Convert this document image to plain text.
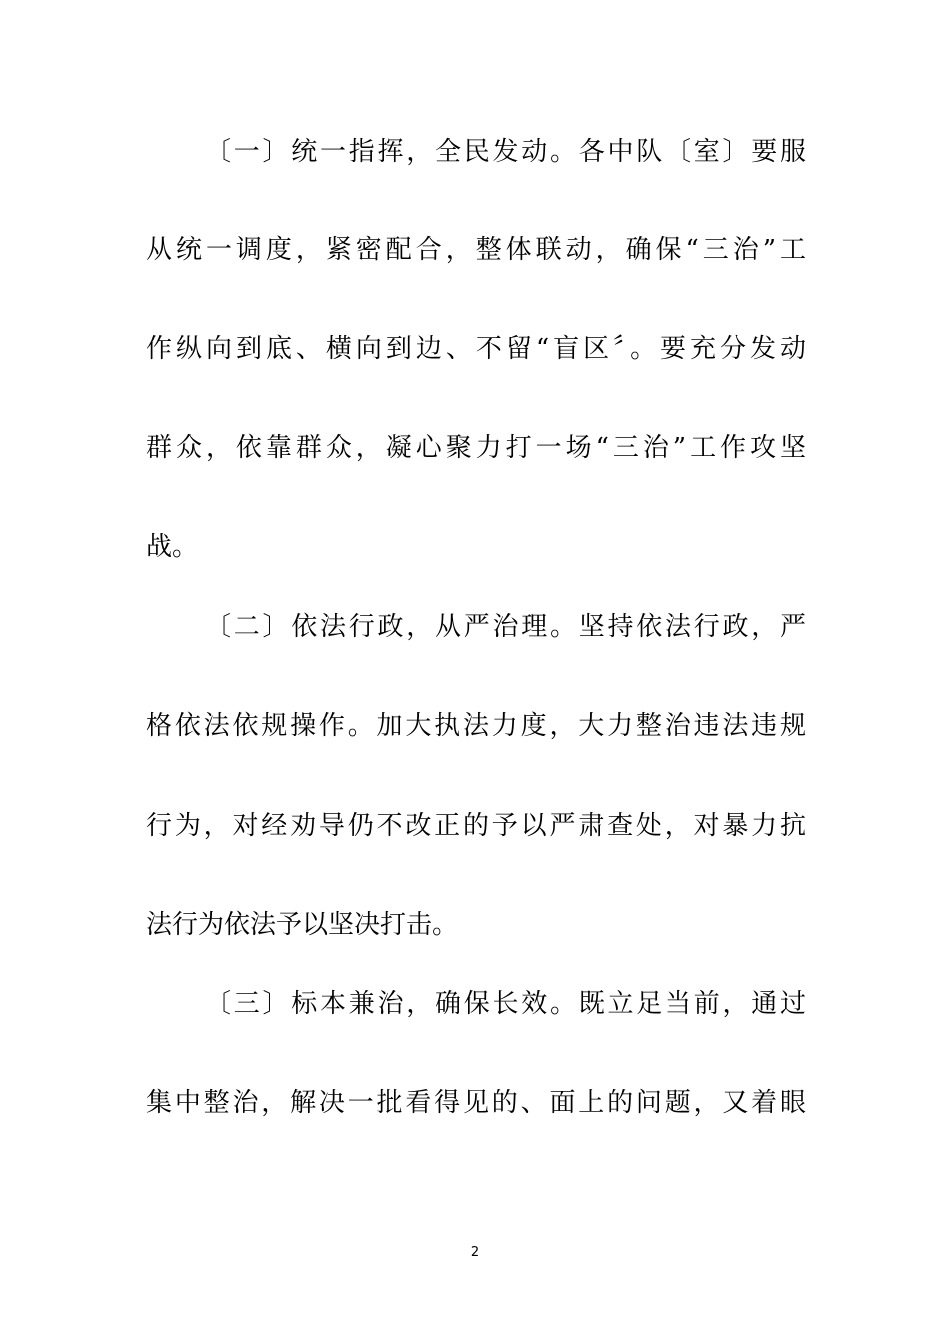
〔一〕统一指挥，全民发动。各中队〔室〕要服
从统一调度，紧密配合，整体联动，确保“三治”工
作纵向到底、横向到边、不留“盲区〞。要充分发动
群众，依靠群众，凝心聚力打一场“三治”工作攻坚
战。
〔二〕依法行政，从严治理。坚持依法行政，严
格依法依规操作。加大执法力度，大力整治违法违规
行为，对经劝导仍不改正的予以严肃查处，对暴力抗
法行为依法予以坚决打击。
〔三〕标本兼治，确保长效。既立足当前，通过
集中整治，解决一批看得见的、面上的问题，又着眼
2
